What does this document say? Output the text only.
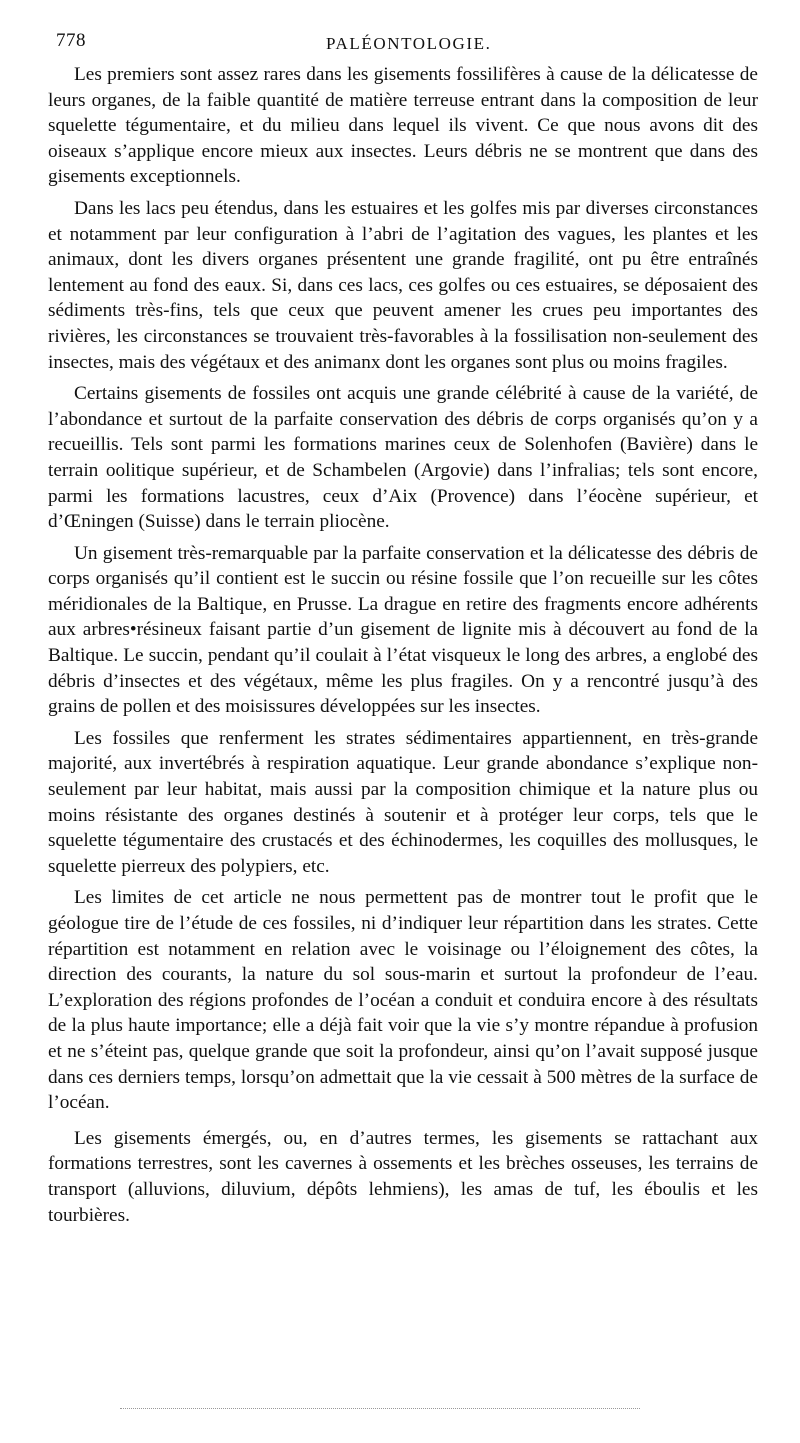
778	PALÉONTOLOGIE.

Les premiers sont assez rares dans les gisements fossilifères à cause de la délicatesse de leurs organes, de la faible quantité de matière terreuse entrant dans la composition de leur squelette tégumentaire, et du milieu dans lequel ils vivent. Ce que nous avons dit des oiseaux s’applique encore mieux aux insectes. Leurs débris ne se montrent que dans des gisements exceptionnels.

Dans les lacs peu étendus, dans les estuaires et les golfes mis par diverses circonstances et notamment par leur configuration à l’abri de l’agitation des vagues, les plantes et les animaux, dont les divers organes présentent une grande fragilité, ont pu être entraînés lentement au fond des eaux. Si, dans ces lacs, ces golfes ou ces estuaires, se déposaient des sédiments très-fins, tels que ceux que peuvent amener les crues peu importantes des rivières, les circonstances se trouvaient très-favorables à la fossilisation non-seulement des insectes, mais des végétaux et des animanx dont les organes sont plus ou moins fragiles.

Certains gisements de fossiles ont acquis une grande célébrité à cause de la variété, de l’abondance et surtout de la parfaite conservation des débris de corps organisés qu’on y a recueillis. Tels sont parmi les formations marines ceux de Solenhofen (Bavière) dans le terrain oolitique supérieur, et de Schambelen (Argovie) dans l’infralias; tels sont encore, parmi les formations lacustres, ceux d’Aix (Provence) dans l’éocène supérieur, et d’Œningen (Suisse) dans le terrain pliocène.

Un gisement très-remarquable par la parfaite conservation et la délicatesse des débris de corps organisés qu’il contient est le succin ou résine fossile que l’on recueille sur les côtes méridionales de la Baltique, en Prusse. La drague en retire des fragments encore adhérents aux arbres•résineux faisant partie d’un gisement de lignite mis à découvert au fond de la Baltique. Le succin, pendant qu’il coulait à l’état visqueux le long des arbres, a englobé des débris d’insectes et des végétaux, même les plus fragiles. On y a rencontré jusqu’à des grains de pollen et des moisissures développées sur les insectes.

Les fossiles que renferment les strates sédimentaires appartiennent, en très-grande majorité, aux invertébrés à respiration aquatique. Leur grande abondance s’explique non-seulement par leur habitat, mais aussi par la composition chimique et la nature plus ou moins résistante des organes destinés à soutenir et à protéger leur corps, tels que le squelette tégumentaire des crustacés et des échinodermes, les coquilles des mollusques, le squelette pierreux des polypiers, etc.

Les limites de cet article ne nous permettent pas de montrer tout le profit que le géologue tire de l’étude de ces fossiles, ni d’indiquer leur répartition dans les strates. Cette répartition est notamment en relation avec le voisinage ou l’éloignement des côtes, la direction des courants, la nature du sol sous-marin et surtout la profondeur de l’eau. L’exploration des régions profondes de l’océan a conduit et conduira encore à des résultats de la plus haute importance; elle a déjà fait voir que la vie s’y montre répandue à profusion et ne s’éteint pas, quelque grande que soit la profondeur, ainsi qu’on l’avait supposé jusque dans ces derniers temps, lorsqu’on admettait que la vie cessait à 500 mètres de la surface de l’océan.

Les gisements émergés, ou, en d’autres termes, les gisements se rattachant aux formations terrestres, sont les cavernes à ossements et les brèches osseuses, les terrains de transport (alluvions, diluvium, dépôts lehmiens), les amas de tuf, les éboulis et les tourbières.
